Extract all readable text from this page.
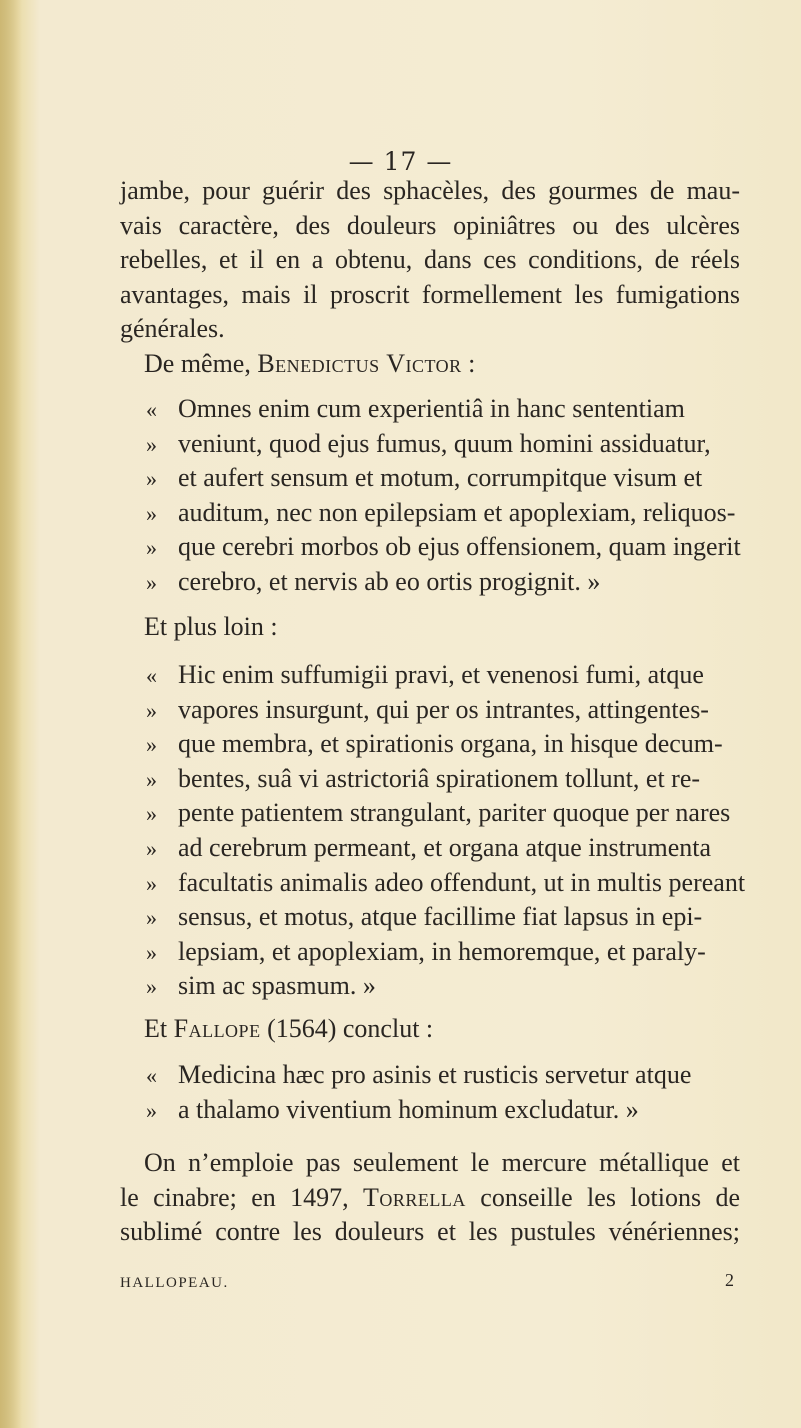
— 17 —
jambe, pour guérir des sphacèles, des gourmes de mau-
vais caractère, des douleurs opiniâtres ou des ulcères
rebelles, et il en a obtenu, dans ces conditions, de réels
avantages, mais il proscrit formellement les fumigations
générales.
De même, Benedictus Victor :
« Omnes enim cum experientiâ in hanc sententiam
» veniunt, quod ejus fumus, quum homini assiduatur,
» et aufert sensum et motum, corrumpitque visum et
» auditum, nec non epilepsiam et apoplexiam, reliquos-
» que cerebri morbos ob ejus offensionem, quam ingerit
» cerebro, et nervis ab eo ortis progignit. »
Et plus loin :
« Hic enim suffumigii pravi, et venenosi fumi, atque
» vapores insurgunt, qui per os intrantes, attingentes-
» que membra, et spirationis organa, in hisque decum-
» bentes, suâ vi astrictoriâ spirationem tollunt, et re-
» pente patientem strangulant, pariter quoque per nares
» ad cerebrum permeant, et organa atque instrumenta
» facultatis animalis adeo offendunt, ut in multis pereant
» sensus, et motus, atque facillime fiat lapsus in epi-
» lepsiam, et apoplexiam, in hemoremque, et paraly-
» sim ac spasmum. »
Et Fallope (1564) conclut :
« Medicina hæc pro asinis et rusticis servetur atque
» a thalamo viventium hominum excludatur. »
On n’emploie pas seulement le mercure métallique et
le cinabre; en 1497, Torrella conseille les lotions de
sublimé contre les douleurs et les pustules vénériennes;
HALLOPEAU.	2
